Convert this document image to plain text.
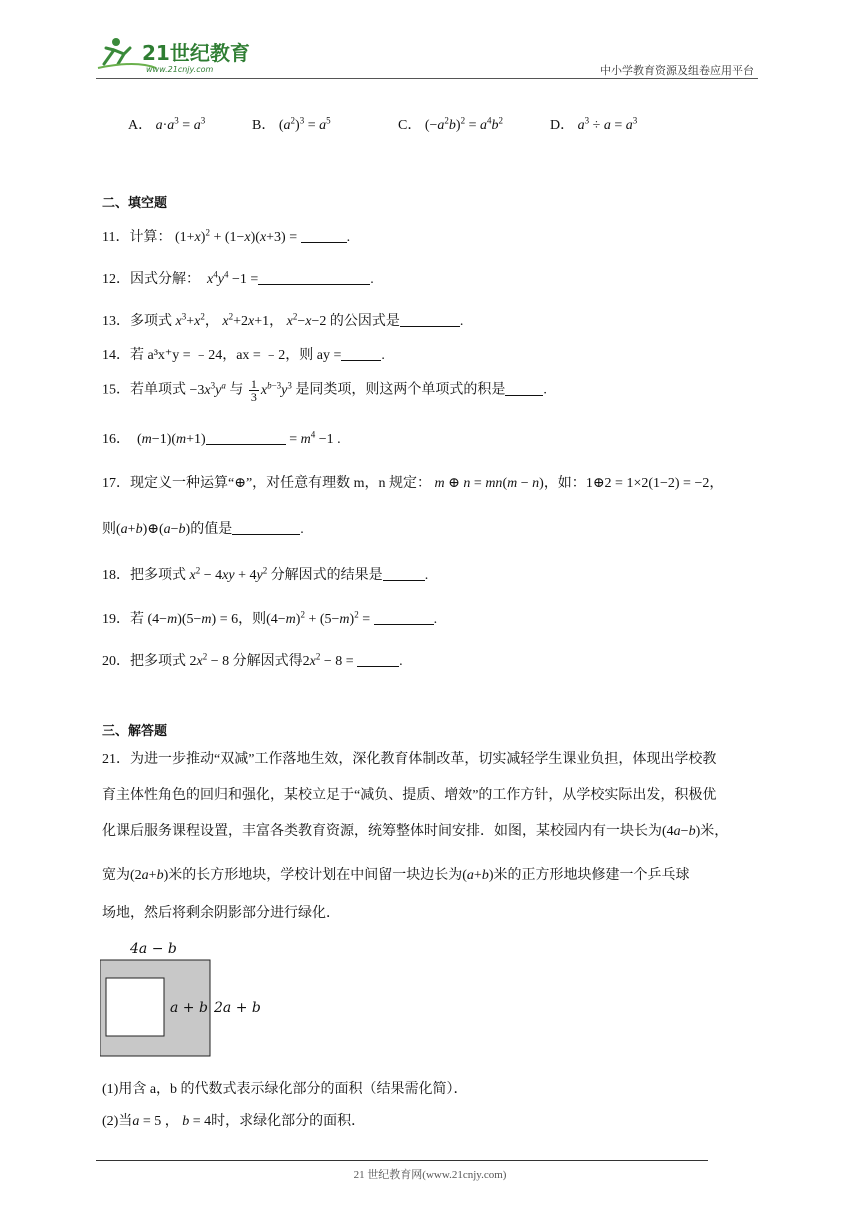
21世纪教育
www.21cnjy.com	中小学教育资源及组卷应用平台
A． $a\cdot a^3 = a^3$	B． $(a^2)^3 = a^5$	C． $(-a^2b)^2 = a^4b^2$	D． $a^3 \div a = a^3$
二、填空题
11．计算： $(1+x)^2 + (1-x)(x+3)$ =	.
12．因式分解： $x^4y^4 -1$ =	.
13．多项式 $x^3+x^2$， $x^2+2x+1$， $x^2-x-2$ 的公因式是	.
14．若 a³x⁺y = ﹣24，ax = ﹣2，则 ay =	.
15．若单项式 $-3x^3y^a$ 与 $\frac{1}{3} x^{b-3}y^3$ 是同类项，则这两个单项式的积是	.
16．  (m−1)(m+1)	= $m^4 -1$ .
17．现定义一种运算“⊕”，对任意有理数 m，n 规定： m ⊕ n = mn(m − n)，如：1⊕2 = 1×2(1−2) = −2，
则(a+b)⊕(a−b)的值是	.
18．把多项式 $x^2 - 4xy + 4y^2$ 分解因式的结果是	.
19．若 (4−m)(5−m) = 6，则$(4-m)^2 + (5-m)^2$ =	.
20．把多项式 $2x^2 - 8$ 分解因式得$2x^2 - 8$ =	.
三、解答题
21．为进一步推动“双减”工作落地生效，深化教育体制改革，切实减轻学生课业负担，体现出学校教
育主体性角色的回归和强化，某校立足于“减负、提质、增效”的工作方针，从学校实际出发，积极优
化课后服务课程设置，丰富各类教育资源，统筹整体时间安排．如图，某校园内有一块长为(4a−b)米，
宽为(2a+b)米的长方形地块，学校计划在中间留一块边长为(a+b)米的正方形地块修建一个乒乓球
场地，然后将剩余阴影部分进行绿化．
4a − b
a + b 2a + b
(1)用含 a，b 的代数式表示绿化部分的面积（结果需化简）．
(2)当a = 5 ， b = 4时，求绿化部分的面积．
21 世纪教育网(www.21cnjy.com)
